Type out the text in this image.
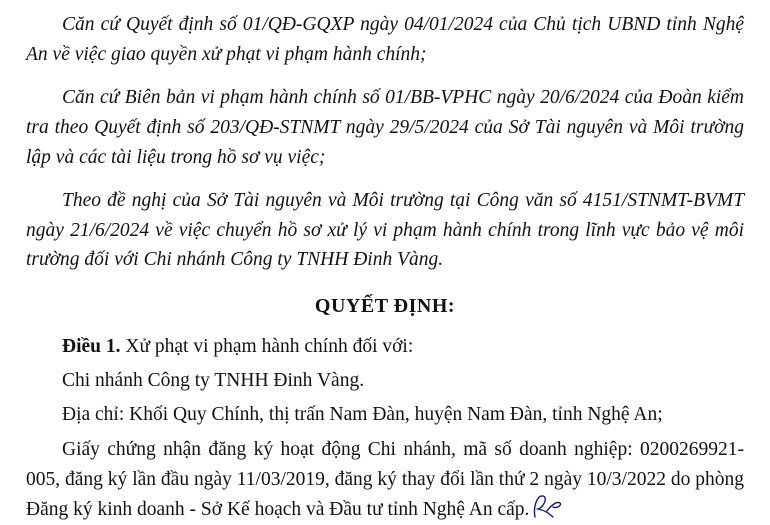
Căn cứ Quyết định số 01/QĐ-GQXP ngày 04/01/2024 của Chủ tịch UBND tỉnh Nghệ An về việc giao quyền xử phạt vi phạm hành chính;

Căn cứ Biên bản vi phạm hành chính số 01/BB-VPHC ngày 20/6/2024 của Đoàn kiểm tra theo Quyết định số 203/QĐ-STNMT ngày 29/5/2024 của Sở Tài nguyên và Môi trường lập và các tài liệu trong hồ sơ vụ việc;

Theo đề nghị của Sở Tài nguyên và Môi trường tại Công văn số 4151/STNMT-BVMT ngày 21/6/2024 về việc chuyển hồ sơ xử lý vi phạm hành chính trong lĩnh vực bảo vệ môi trường đối với Chi nhánh Công ty TNHH Đinh Vàng.

QUYẾT ĐỊNH:

Điều 1. Xử phạt vi phạm hành chính đối với:

Chi nhánh Công ty TNHH Đinh Vàng.

Địa chỉ: Khối Quy Chính, thị trấn Nam Đàn, huyện Nam Đàn, tỉnh Nghệ An;

Giấy chứng nhận đăng ký hoạt động Chi nhánh, mã số doanh nghiệp: 0200269921-005, đăng ký lần đầu ngày 11/03/2019, đăng ký thay đổi lần thứ 2 ngày 10/3/2022 do phòng Đăng ký kinh doanh - Sở Kế hoạch và Đầu tư tỉnh Nghệ An cấp.
